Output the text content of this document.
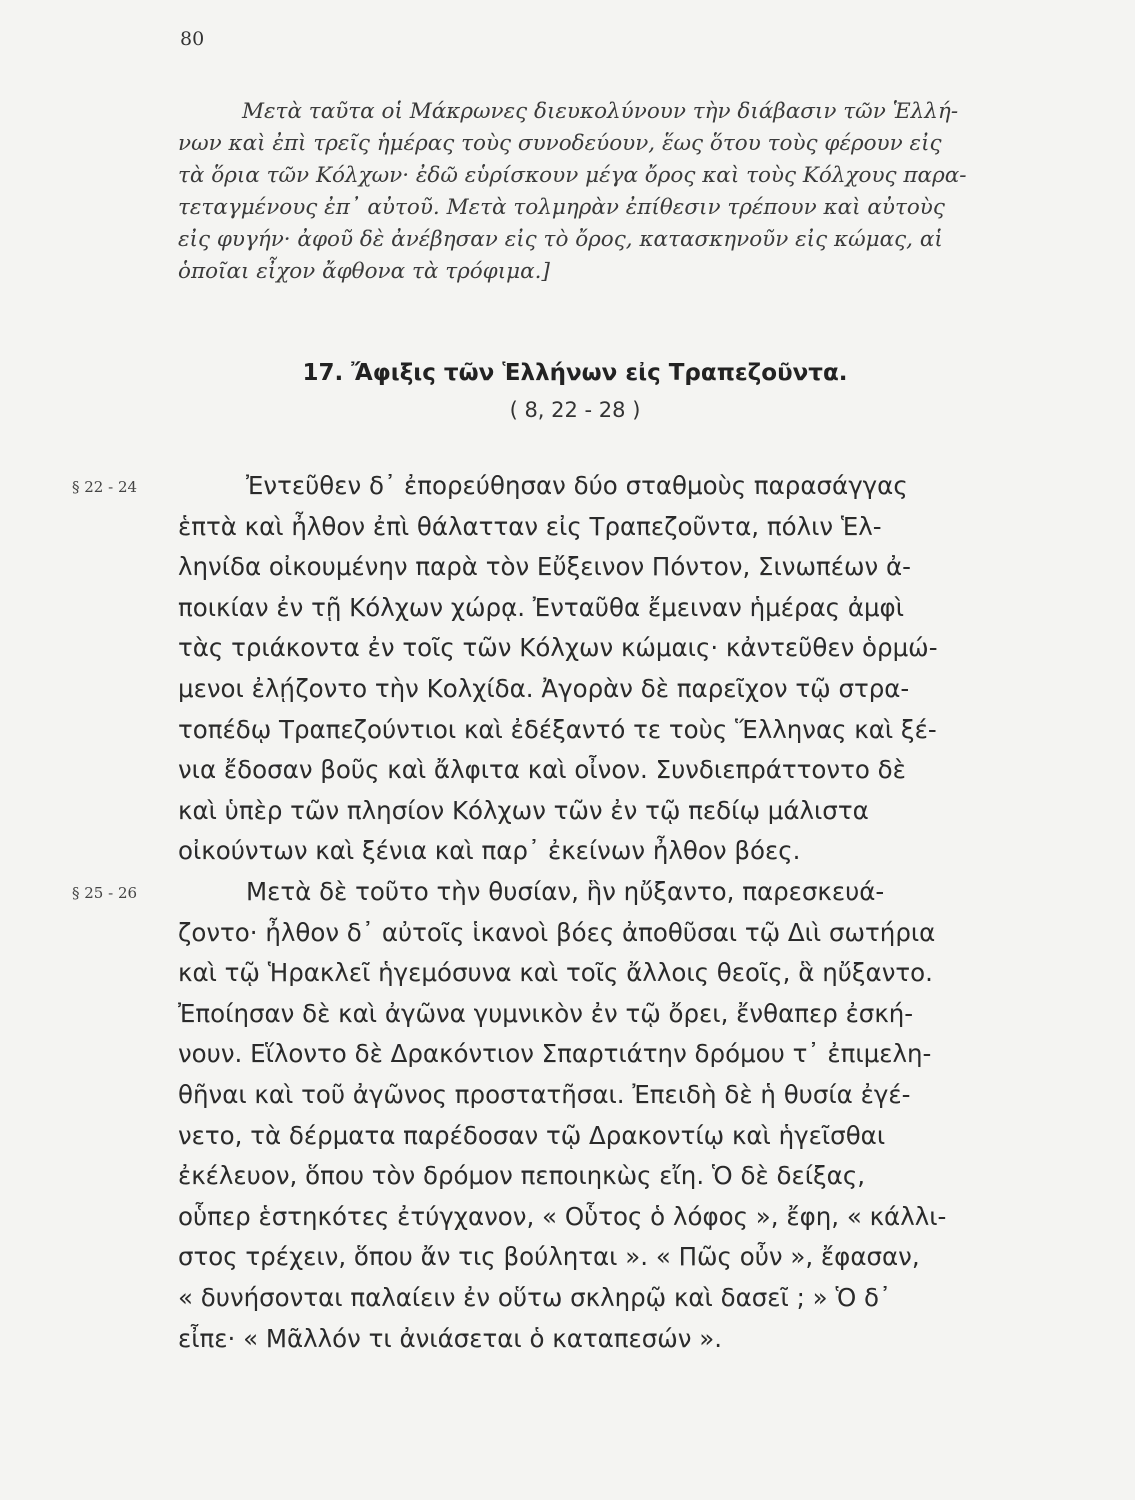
80
Μετὰ ταῦτα οἱ Μάκρωνες διευκολύνουν τὴν διάβασιν τῶν Ἑλλή-
νων καὶ ἐπὶ τρεῖς ἡμέρας τοὺς συνοδεύουν, ἕως ὅτου τοὺς φέρουν εἰς
τὰ ὅρια τῶν Κόλχων· ἐδῶ εὑρίσκουν μέγα ὄρος καὶ τοὺς Κόλχους παρα-
τεταγμένους ἐπ᾽ αὐτοῦ. Μετὰ τολμηρὰν ἐπίθεσιν τρέπουν καὶ αὐτοὺς
εἰς φυγήν· ἀφοῦ δὲ ἀνέβησαν εἰς τὸ ὄρος, κατασκηνοῦν εἰς κώμας, αἱ
ὁποῖαι εἶχον ἄφθονα τὰ τρόφιμα.]
17. Ἄφιξις τῶν Ἑλλήνων εἰς Τραπεζοῦντα.
( 8, 22 - 28 )
§ 22 - 24	Ἐντεῦθεν δ᾽ ἐπορεύθησαν δύο σταθμοὺς παρασάγγας
ἑπτὰ καὶ ἦλθον ἐπὶ θάλατταν εἰς Τραπεζοῦντα, πόλιν Ἑλ-
ληνίδα οἰκουμένην παρὰ τὸν Εὔξεινον Πόντον, Σινωπέων ἀ-
ποικίαν ἐν τῇ Κόλχων χώρᾳ. Ἐνταῦθα ἔμειναν ἡμέρας ἀμφὶ
τὰς τριάκοντα ἐν τοῖς τῶν Κόλχων κώμαις· κἀντεῦθεν ὁρμώ-
μενοι ἐλῄζοντο τὴν Κολχίδα. Ἀγορὰν δὲ παρεῖχον τῷ στρα-
τοπέδῳ Τραπεζούντιοι καὶ ἐδέξαντό τε τοὺς Ἕλληνας καὶ ξέ-
νια ἔδοσαν βοῦς καὶ ἄλφιτα καὶ οἶνον. Συνδιεπράττοντο δὲ
καὶ ὑπὲρ τῶν πλησίον Κόλχων τῶν ἐν τῷ πεδίῳ μάλιστα
οἰκούντων καὶ ξένια καὶ παρ᾽ ἐκείνων ἦλθον βόες.
§ 25 - 26	Μετὰ δὲ τοῦτο τὴν θυσίαν, ἣν ηὔξαντο, παρεσκευά-
ζοντο· ἦλθον δ᾽ αὐτοῖς ἱκανοὶ βόες ἀποθῦσαι τῷ Διὶ σωτήρια
καὶ τῷ Ἡρακλεῖ ἡγεμόσυνα καὶ τοῖς ἄλλοις θεοῖς, ἃ ηὔξαντο.
Ἐποίησαν δὲ καὶ ἀγῶνα γυμνικὸν ἐν τῷ ὄρει, ἔνθαπερ ἐσκή-
νουν. Εἵλοντο δὲ Δρακόντιον Σπαρτιάτην δρόμου τ᾽ ἐπιμελη-
θῆναι καὶ τοῦ ἀγῶνος προστατῆσαι. Ἐπειδὴ δὲ ἡ θυσία ἐγέ-
νετο, τὰ δέρματα παρέδοσαν τῷ Δρακοντίῳ καὶ ἡγεῖσθαι
ἐκέλευον, ὅπου τὸν δρόμον πεποιηκὼς εἴη. Ὁ δὲ δείξας,
οὗπερ ἑστηκότες ἐτύγχανον, « Οὗτος ὁ λόφος », ἔφη, « κάλλι-
στος τρέχειν, ὅπου ἄν τις βούληται ». « Πῶς οὖν », ἔφασαν,
« δυνήσονται παλαίειν ἐν οὕτω σκληρῷ καὶ δασεῖ ; » Ὁ δ᾽
εἶπε· « Μᾶλλόν τι ἀνιάσεται ὁ καταπεσών ».
